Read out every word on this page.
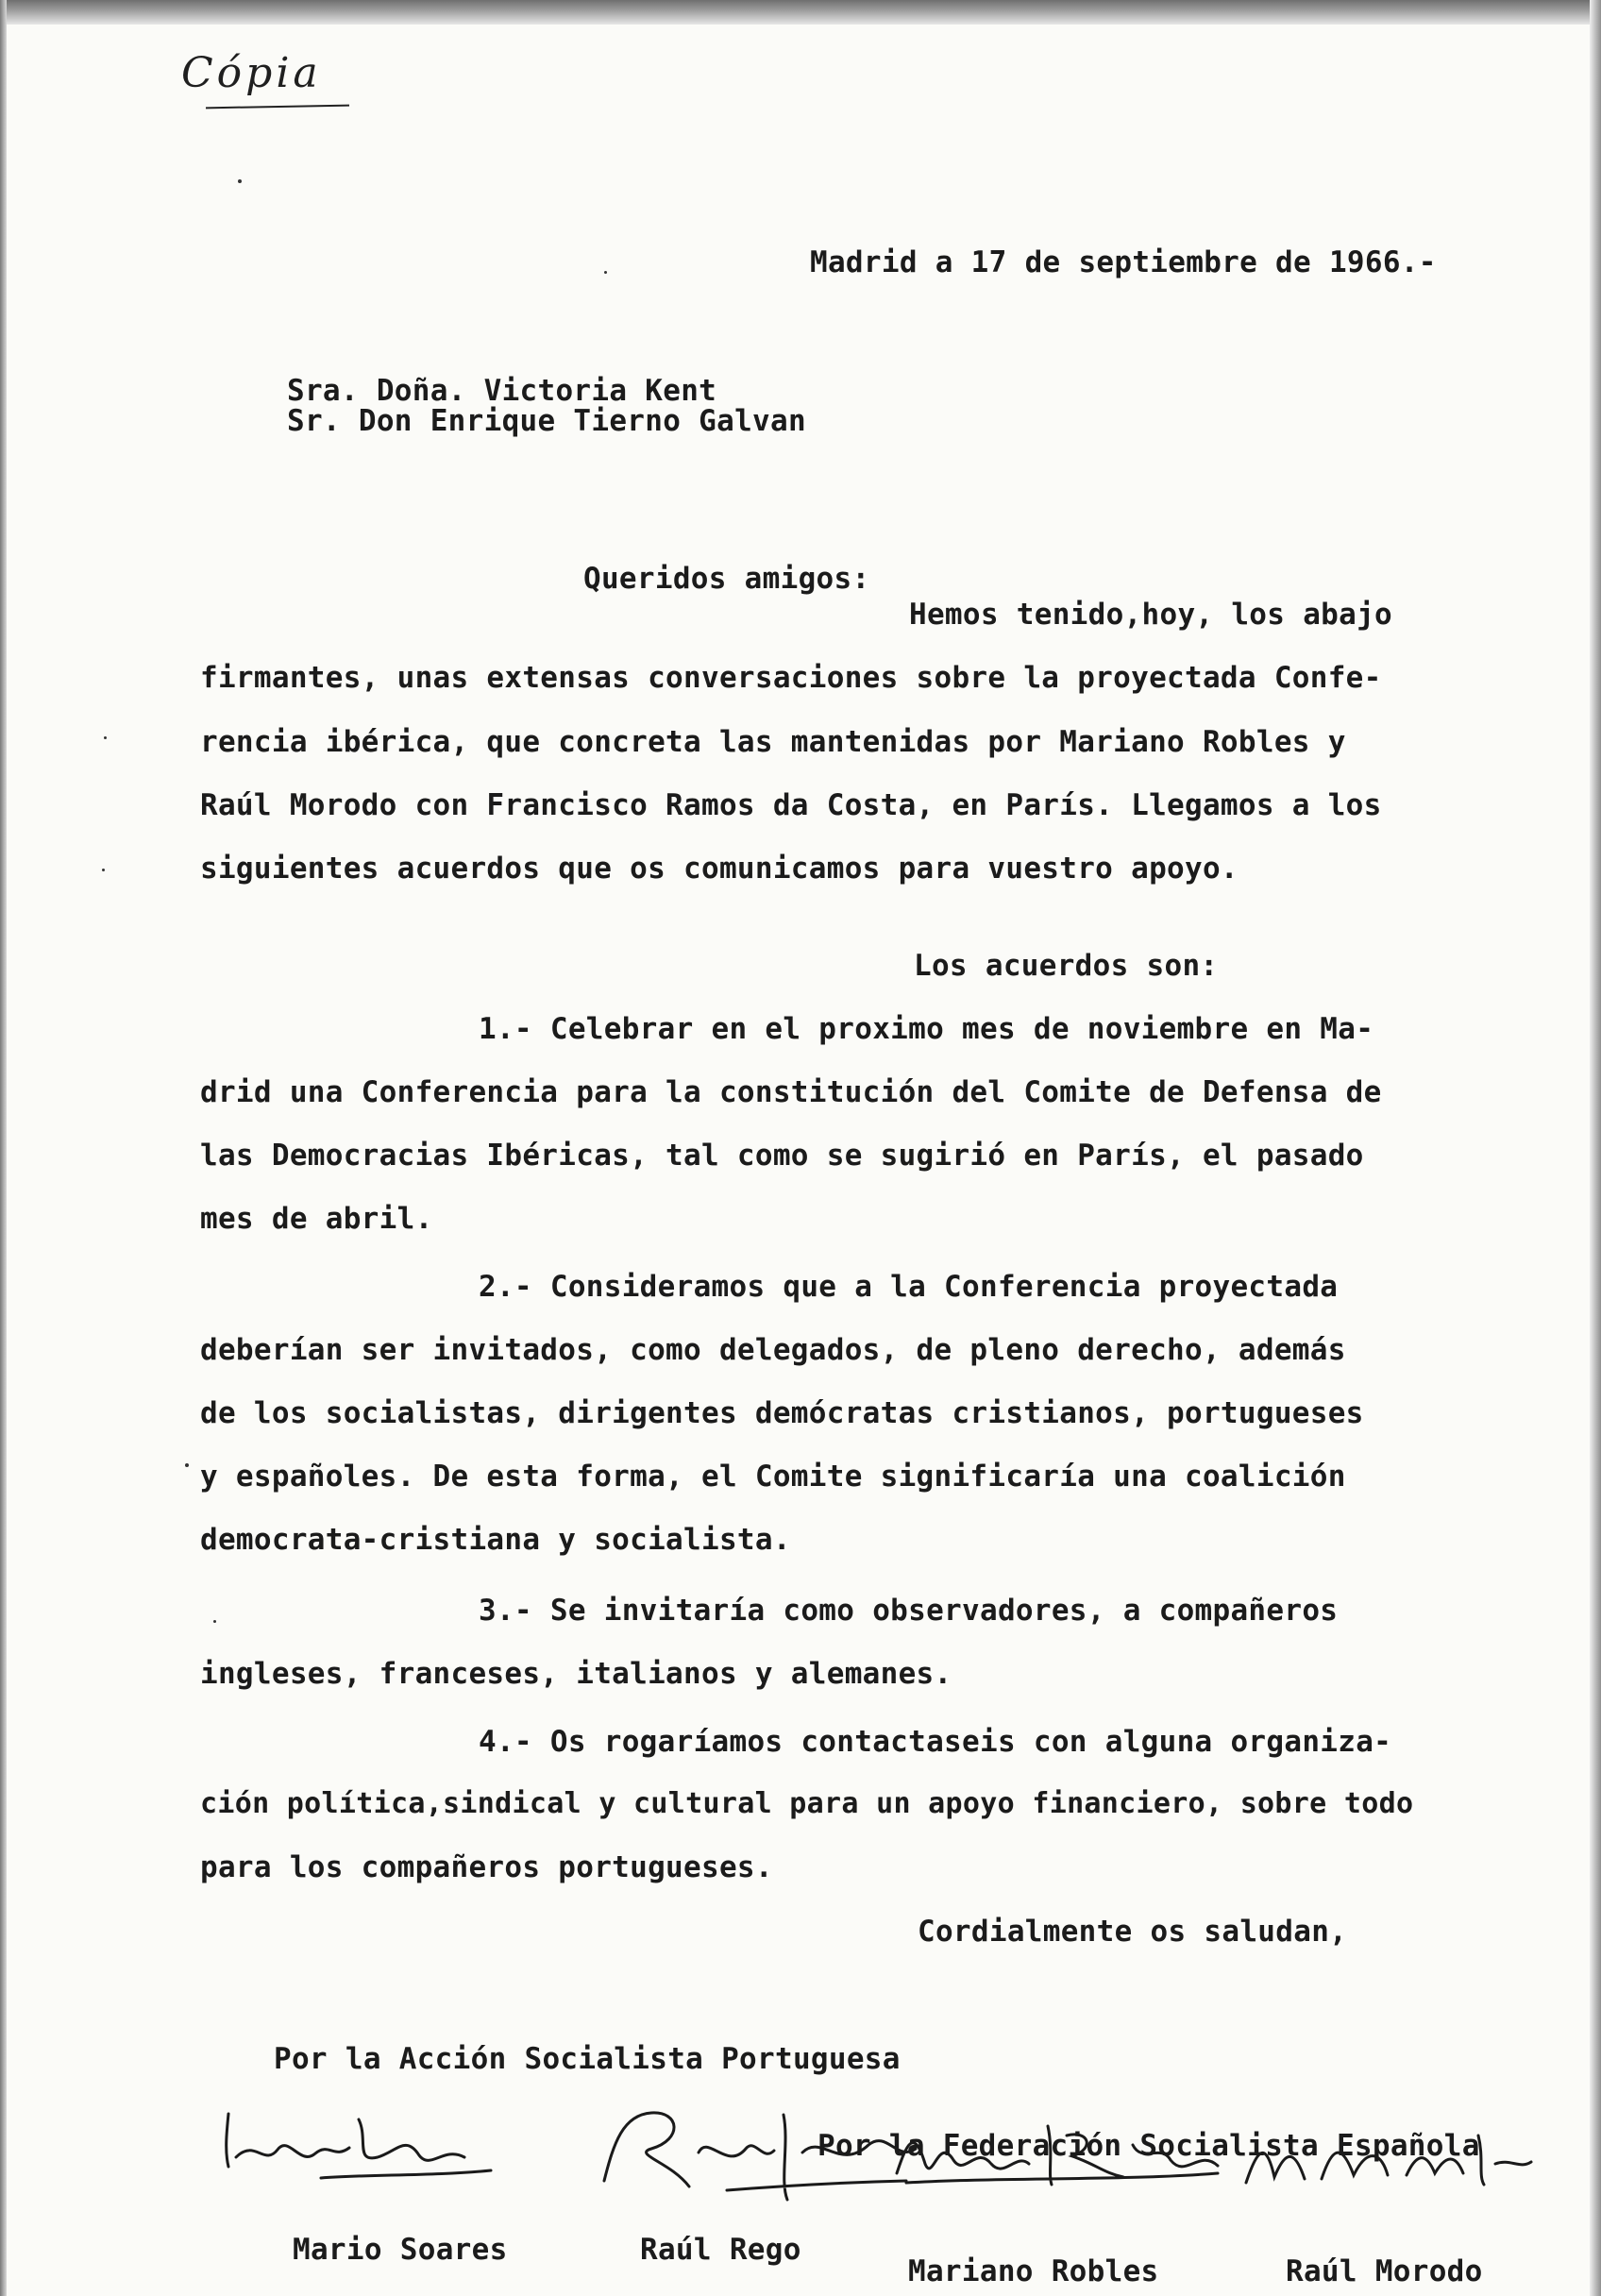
Cópia
Madrid a 17 de septiembre de 1966.-
Sra. Doña. Victoria Kent
Sr. Don Enrique Tierno Galvan
Queridos amigos:
Hemos tenido,hoy, los abajo
firmantes, unas extensas conversaciones sobre la proyectada Confe-
rencia ibérica, que concreta las mantenidas por Mariano Robles y
Raúl Morodo con Francisco Ramos da Costa, en París. Llegamos a los
siguientes acuerdos que os comunicamos para vuestro apoyo.
Los acuerdos son:
1.- Celebrar en el proximo mes de noviembre en Ma-
drid una Conferencia para la constitución del Comite de Defensa de
las Democracias Ibéricas, tal como se sugirió en París, el pasado
mes de abril.
2.- Consideramos que a la Conferencia proyectada
deberían ser invitados, como delegados, de pleno derecho, además
de los socialistas, dirigentes demócratas cristianos, portugueses
y españoles. De esta forma, el Comite significaría una coalición
democrata-cristiana y socialista.
3.- Se invitaría como observadores, a compañeros
ingleses, franceses, italianos y alemanes.
4.- Os rogaríamos contactaseis con alguna organiza-
ción política,sindical y cultural para un apoyo financiero, sobre todo
para los compañeros portugueses.
Cordialmente os saludan,
Por la Acción Socialista Portuguesa
Por la Federación Socialista Española
Mario Soares	Raúl Rego
Mariano Robles	Raúl Morodo
